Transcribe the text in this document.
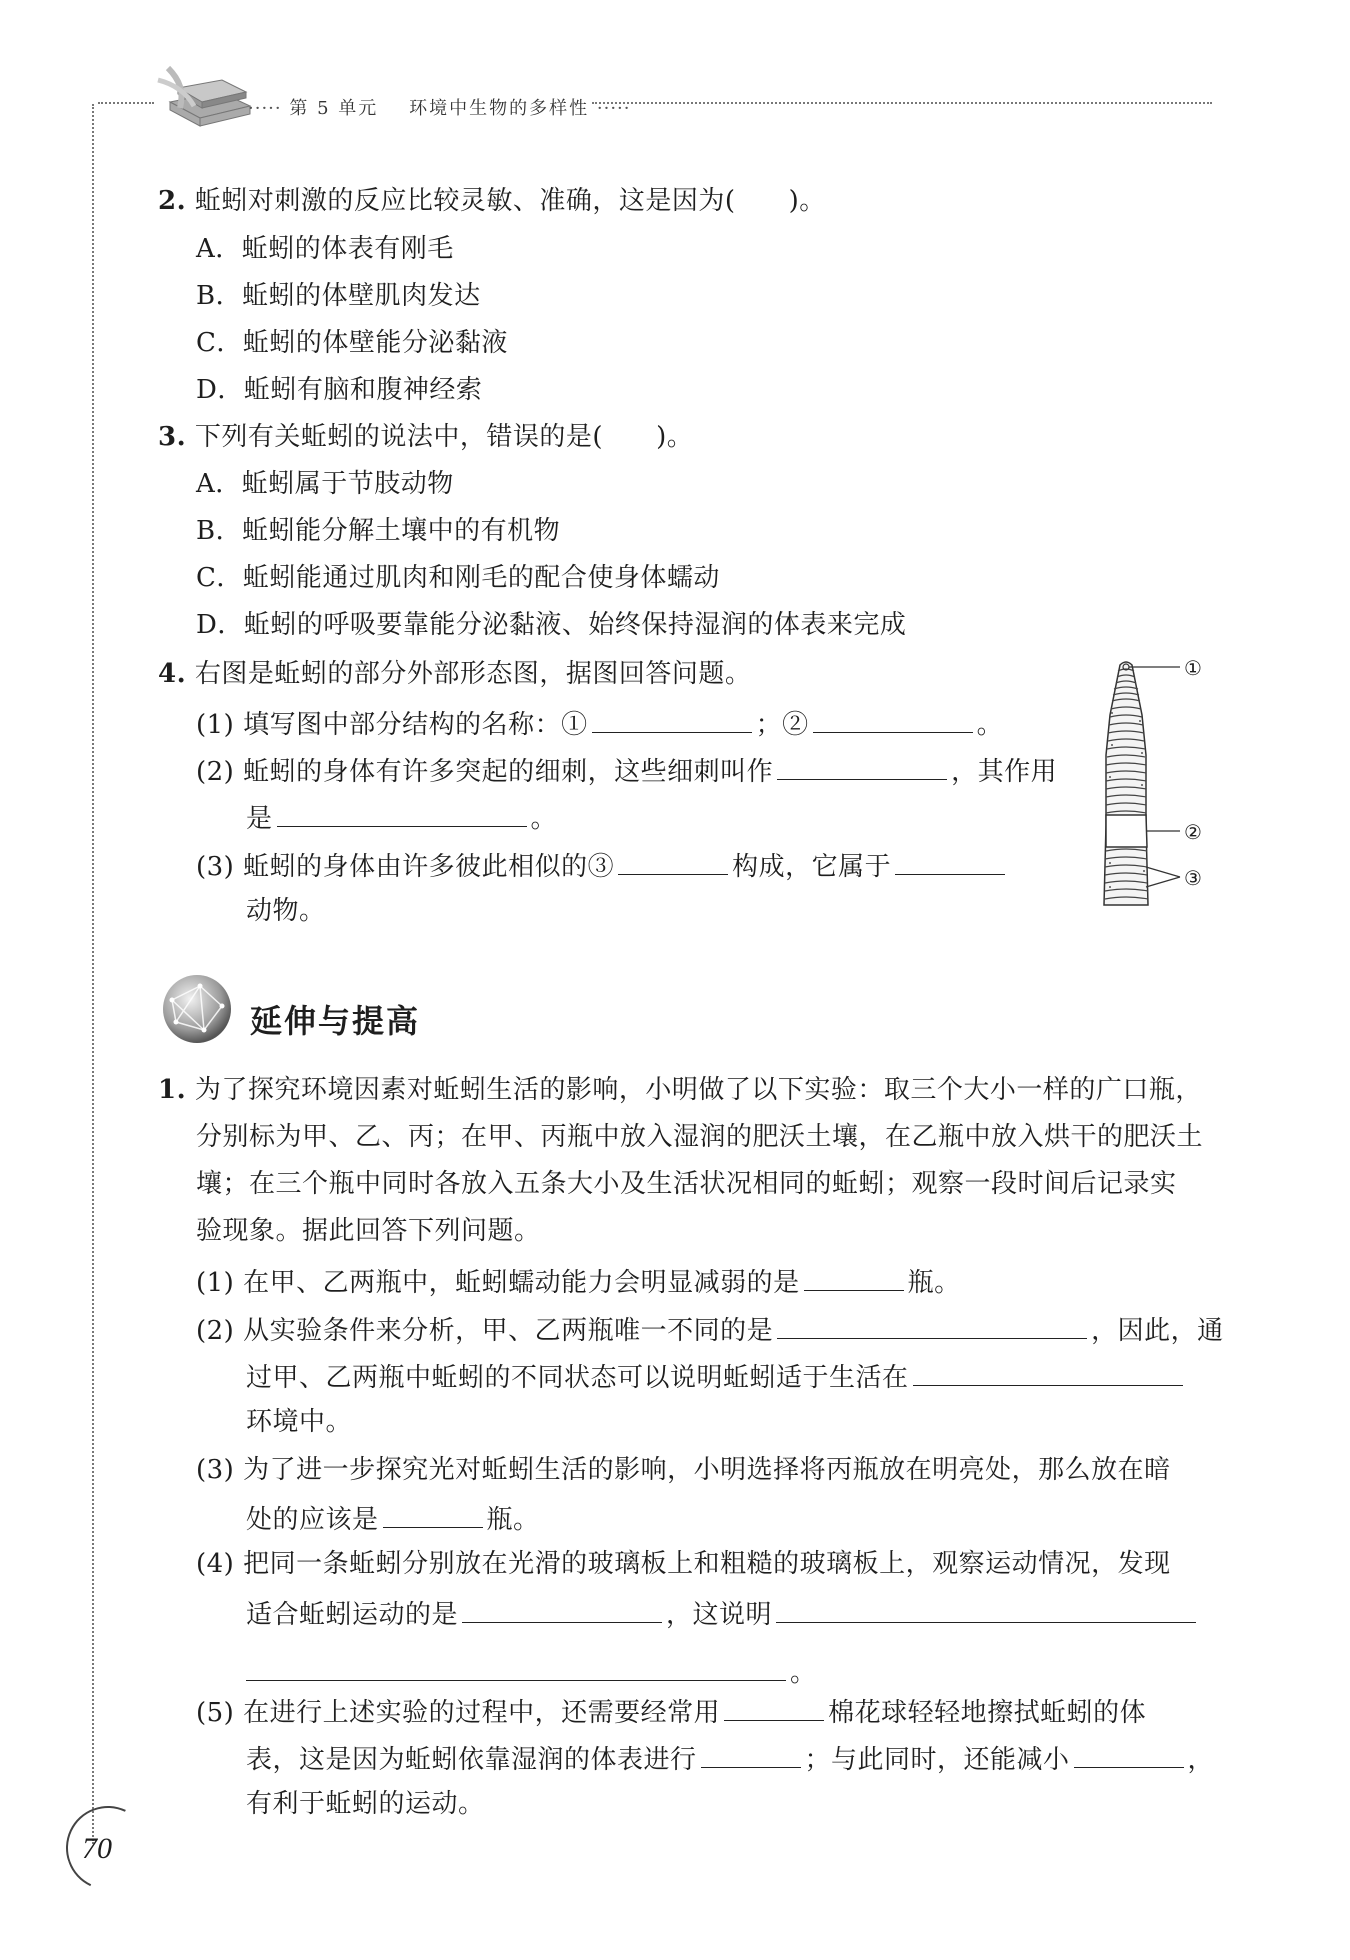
····· 第 5 单元 环境中生物的多样性 ·····
2. 蚯蚓对刺激的反应比较灵敏、准确，这是因为(　　)。
A．蚯蚓的体表有刚毛
B．蚯蚓的体壁肌肉发达
C．蚯蚓的体壁能分泌黏液
D．蚯蚓有脑和腹神经索
3. 下列有关蚯蚓的说法中，错误的是(　　)。
A．蚯蚓属于节肢动物
B．蚯蚓能分解土壤中的有机物
C．蚯蚓能通过肌肉和刚毛的配合使身体蠕动
D．蚯蚓的呼吸要靠能分泌黏液、始终保持湿润的体表来完成
4. 右图是蚯蚓的部分外部形态图，据图回答问题。
(1) 填写图中部分结构的名称：①	；②	。
(2) 蚯蚓的身体有许多突起的细刺，这些细刺叫作	，其作用
是	。
(3) 蚯蚓的身体由许多彼此相似的③	构成，它属于
动物。
①
②
③
延伸与提高
1. 为了探究环境因素对蚯蚓生活的影响，小明做了以下实验：取三个大小一样的广口瓶，
分别标为甲、乙、丙；在甲、丙瓶中放入湿润的肥沃土壤，在乙瓶中放入烘干的肥沃土
壤；在三个瓶中同时各放入五条大小及生活状况相同的蚯蚓；观察一段时间后记录实
验现象。据此回答下列问题。
(1) 在甲、乙两瓶中，蚯蚓蠕动能力会明显减弱的是	瓶。
(2) 从实验条件来分析，甲、乙两瓶唯一不同的是	，因此，通
过甲、乙两瓶中蚯蚓的不同状态可以说明蚯蚓适于生活在
环境中。
(3) 为了进一步探究光对蚯蚓生活的影响，小明选择将丙瓶放在明亮处，那么放在暗
处的应该是	瓶。
(4) 把同一条蚯蚓分别放在光滑的玻璃板上和粗糙的玻璃板上，观察运动情况，发现
适合蚯蚓运动的是	，这说明
。
(5) 在进行上述实验的过程中，还需要经常用	棉花球轻轻地擦拭蚯蚓的体
表，这是因为蚯蚓依靠湿润的体表进行	；与此同时，还能减小	，
有利于蚯蚓的运动。
70
